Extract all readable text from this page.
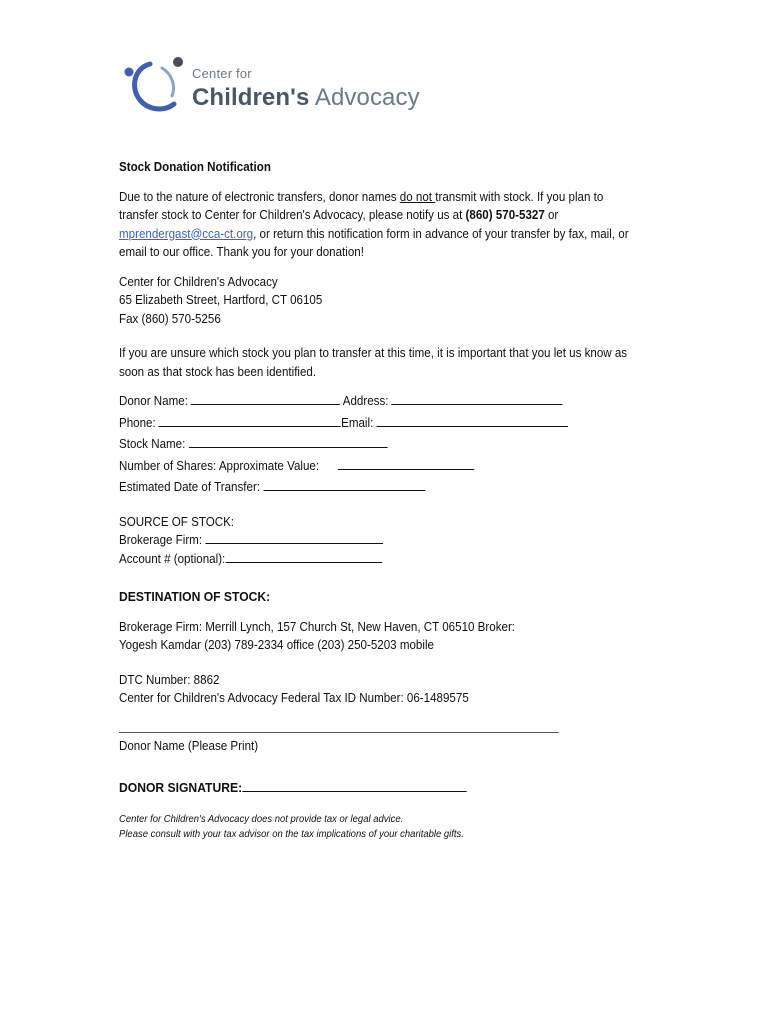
Center for
Children's Advocacy

Stock Donation Notification

Due to the nature of electronic transfers, donor names do not transmit with stock. If you plan to transfer stock to Center for Children's Advocacy, please notify us at (860) 570-5327 or mprendergast@cca-ct.org, or return this notification form in advance of your transfer by fax, mail, or email to our office. Thank you for your donation!

Center for Children's Advocacy

65 Elizabeth Street, Hartford, CT 06105

Fax (860) 570-5256

If you are unsure which stock you plan to transfer at this time, it is important that you let us know as soon as that stock has been identified.

Donor Name:	Address:

Phone:	Email:

Stock Name:

Number of Shares: Approximate Value:

Estimated Date of Transfer:

SOURCE OF STOCK:

Brokerage Firm:

Account # (optional):

DESTINATION OF STOCK:

Brokerage Firm: Merrill Lynch, 157 Church St, New Haven, CT 06510 Broker:

Yogesh Kamdar (203) 789-2334 office (203) 250-5203 mobile

DTC Number: 8862

Center for Children's Advocacy Federal Tax ID Number: 06-1489575

Donor Name (Please Print)

DONOR SIGNATURE:

Center for Children's Advocacy does not provide tax or legal advice.

Please consult with your tax advisor on the tax implications of your charitable gifts.
